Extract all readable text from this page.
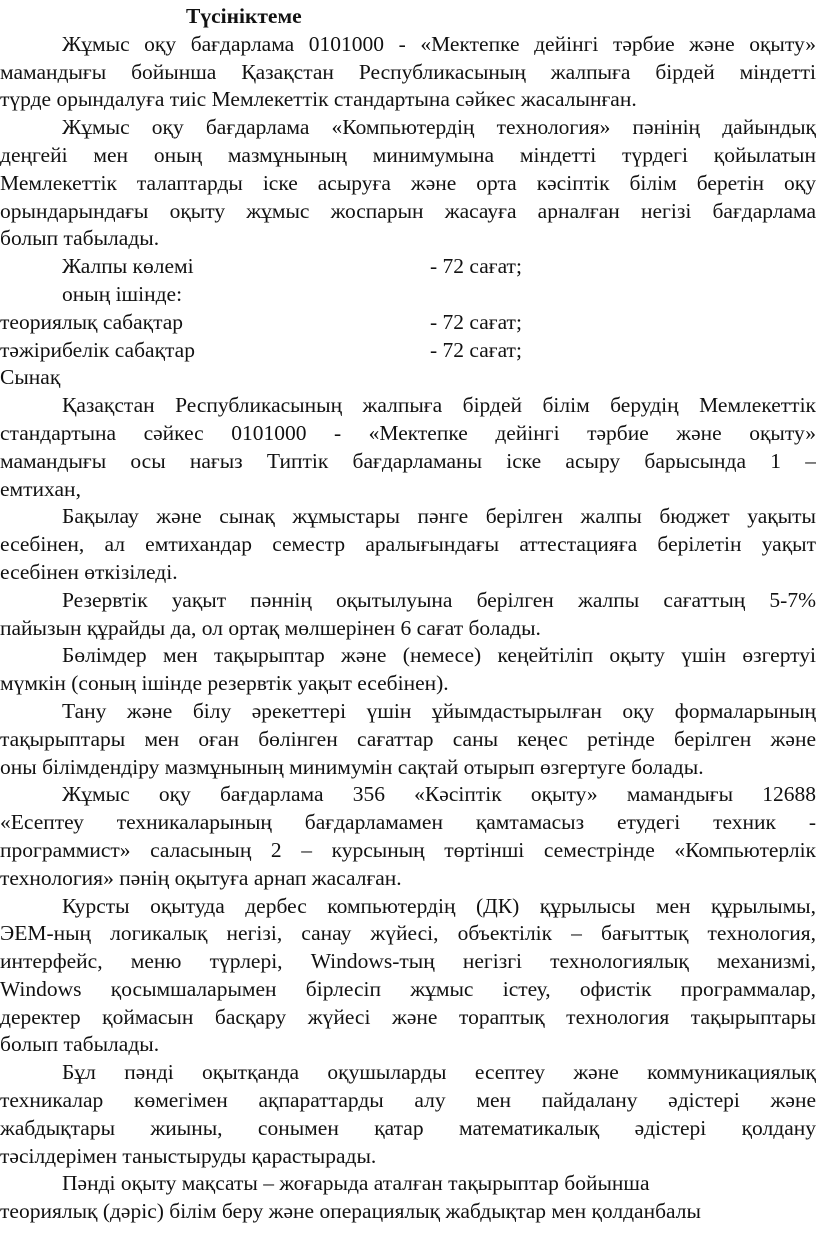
Түсініктеме
Жұмыс оқу бағдарлама 0101000 - «Мектепке дейінгі тәрбие және оқыту»
мамандығы бойынша Қазақстан Республикасының жалпыға бірдей міндетті
түрде орындалуға тиіс Мемлекеттік стандартына сәйкес жасалынған.
Жұмыс оқу бағдарлама «Компьютердің технология» пәнінің дайындық
деңгейі мен оның мазмұнының минимумына міндетті түрдегі қойылатын
Мемлекеттік талаптарды іске асыруға және орта кәсіптік білім беретін оқу
орындарындағы оқыту жұмыс жоспарын жасауға арналған негізі бағдарлама
болып табылады.
Жалпы көлемі	- 72 сағат;
оның ішінде:
теориялық сабақтар	- 72 сағат;
тәжірибелік сабақтар	- 72 сағат;
Сынақ
Қазақстан Республикасының жалпыға бірдей білім берудің Мемлекеттік
стандартына сәйкес 0101000 - «Мектепке дейінгі тәрбие және оқыту»
мамандығы осы нағыз Типтік бағдарламаны іске асыру барысында 1 –
емтихан,
Бақылау және сынақ жұмыстары пәнге берілген жалпы бюджет уақыты
есебінен, ал емтихандар семестр аралығындағы аттестацияға берілетін уақыт
есебінен өткізіледі.
Резервтік уақыт пәннің оқытылуына берілген жалпы сағаттың 5-7%
пайызын құрайды да, ол ортақ мөлшерінен 6 сағат болады.
Бөлімдер мен тақырыптар және (немесе) кеңейтіліп оқыту үшін өзгертуі
мүмкін (соның ішінде резервтік уақыт есебінен).
Тану және білу әрекеттері үшін ұйымдастырылған оқу формаларының
тақырыптары мен оған бөлінген сағаттар саны кеңес ретінде берілген және
оны білімдендіру мазмұнының минимумін сақтай отырып өзгертуге болады.
Жұмыс оқу бағдарлама 356 «Кәсіптік оқыту» мамандығы 12688
«Есептеу техникаларының бағдарламамен қамтамасыз етудегі техник -
программист» саласының 2 – курсының төртінші семестрінде «Компьютерлік
технология» пәнің оқытуға арнап жасалған.
Курсты оқытуда дербес компьютердің (ДК) құрылысы мен құрылымы,
ЭЕМ-ның логикалық негізі, санау жүйесі, объектілік – бағыттық технология,
интерфейс, меню түрлері, Windows-тың негізгі технологиялық механизмі,
Windows қосымшаларымен бірлесіп жұмыс істеу, офистік программалар,
деректер қоймасын басқару жүйесі және тораптық технология тақырыптары
болып табылады.
Бұл пәнді оқытқанда оқушыларды есептеу және коммуникациялық
техникалар көмегімен ақпараттарды алу мен пайдалану әдістері және
жабдықтары жиыны, сонымен қатар математикалық әдістері қолдану
тәсілдерімен таныстыруды қарастырады.
Пәнді оқыту мақсаты – жоғарыда аталған тақырыптар бойынша
теориялық (дәріс) білім беру және операциялық жабдықтар мен қолданбалы
